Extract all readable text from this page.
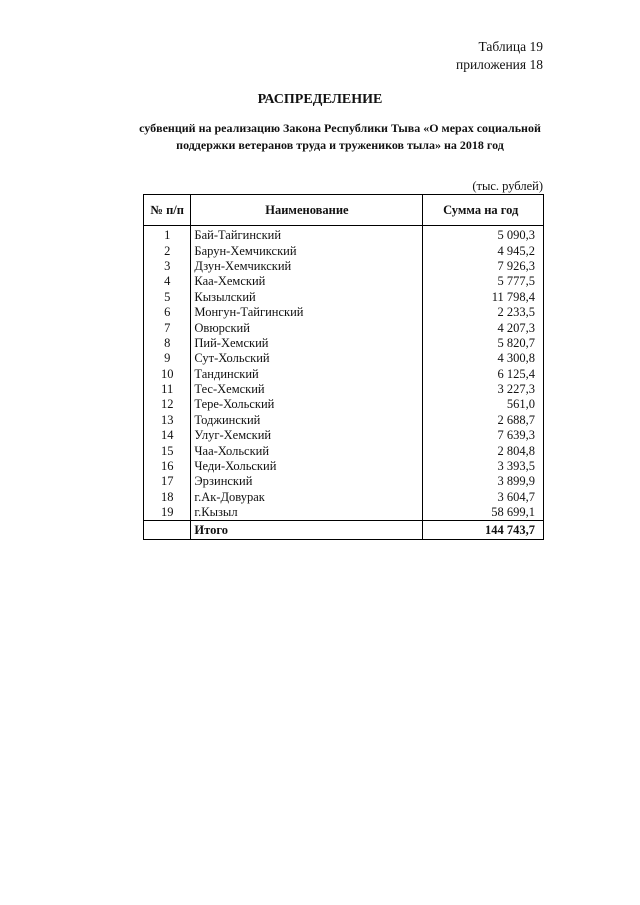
Таблица 19
приложения 18
РАСПРЕДЕЛЕНИЕ
субвенций на реализацию Закона Республики Тыва «О мерах социальной
поддержки ветеранов труда и тружеников тыла» на 2018 год
(тыс. рублей)
№ п/п	Наименование	Сумма на год
1	Бай-Тайгинский	5 090,3
2	Барун-Хемчикский	4 945,2
3	Дзун-Хемчикский	7 926,3
4	Каа-Хемский	5 777,5
5	Кызылский	11 798,4
6	Монгун-Тайгинский	2 233,5
7	Овюрский	4 207,3
8	Пий-Хемский	5 820,7
9	Сут-Хольский	4 300,8
10	Тандинский	6 125,4
11	Тес-Хемский	3 227,3
12	Тере-Хольский	561,0
13	Тоджинский	2 688,7
14	Улуг-Хемский	7 639,3
15	Чаа-Хольский	2 804,8
16	Чеди-Хольский	3 393,5
17	Эрзинский	3 899,9
18	г.Ак-Довурак	3 604,7
19	г.Кызыл	58 699,1
	Итого	144 743,7
